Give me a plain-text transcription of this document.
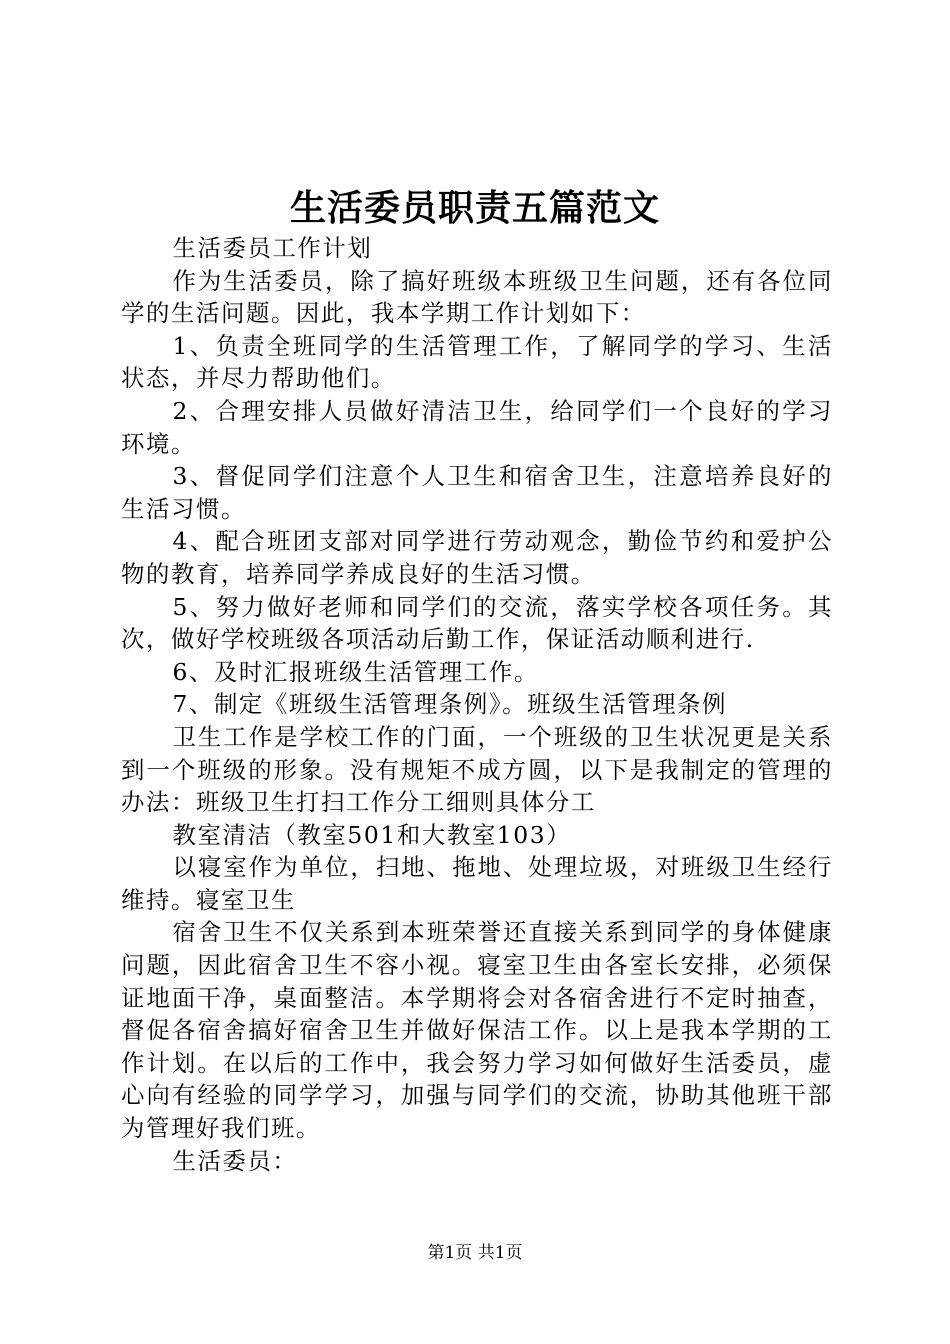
生活委员职责五篇范文

生活委员工作计划

作为生活委员，除了搞好班级本班级卫生问题，还有各位同学的生活问题。因此，我本学期工作计划如下：

1、负责全班同学的生活管理工作，了解同学的学习、生活状态，并尽力帮助他们。

2、合理安排人员做好清洁卫生，给同学们一个良好的学习环境。

3、督促同学们注意个人卫生和宿舍卫生，注意培养良好的生活习惯。

4、配合班团支部对同学进行劳动观念，勤俭节约和爱护公物的教育，培养同学养成良好的生活习惯。

5、努力做好老师和同学们的交流，落实学校各项任务。其次，做好学校班级各项活动后勤工作，保证活动顺利进行.

6、及时汇报班级生活管理工作。

7、制定《班级生活管理条例》。班级生活管理条例

卫生工作是学校工作的门面，一个班级的卫生状况更是关系到一个班级的形象。没有规矩不成方圆，以下是我制定的管理的办法：班级卫生打扫工作分工细则具体分工

教室清洁（教室501和大教室103）

以寝室作为单位，扫地、拖地、处理垃圾，对班级卫生经行维持。寝室卫生

宿舍卫生不仅关系到本班荣誉还直接关系到同学的身体健康问题，因此宿舍卫生不容小视。寝室卫生由各室长安排，必须保证地面干净，桌面整洁。本学期将会对各宿舍进行不定时抽查，督促各宿舍搞好宿舍卫生并做好保洁工作。以上是我本学期的工作计划。在以后的工作中，我会努力学习如何做好生活委员，虚心向有经验的同学学习，加强与同学们的交流，协助其他班干部为管理好我们班。

生活委员：

第1页 共1页
